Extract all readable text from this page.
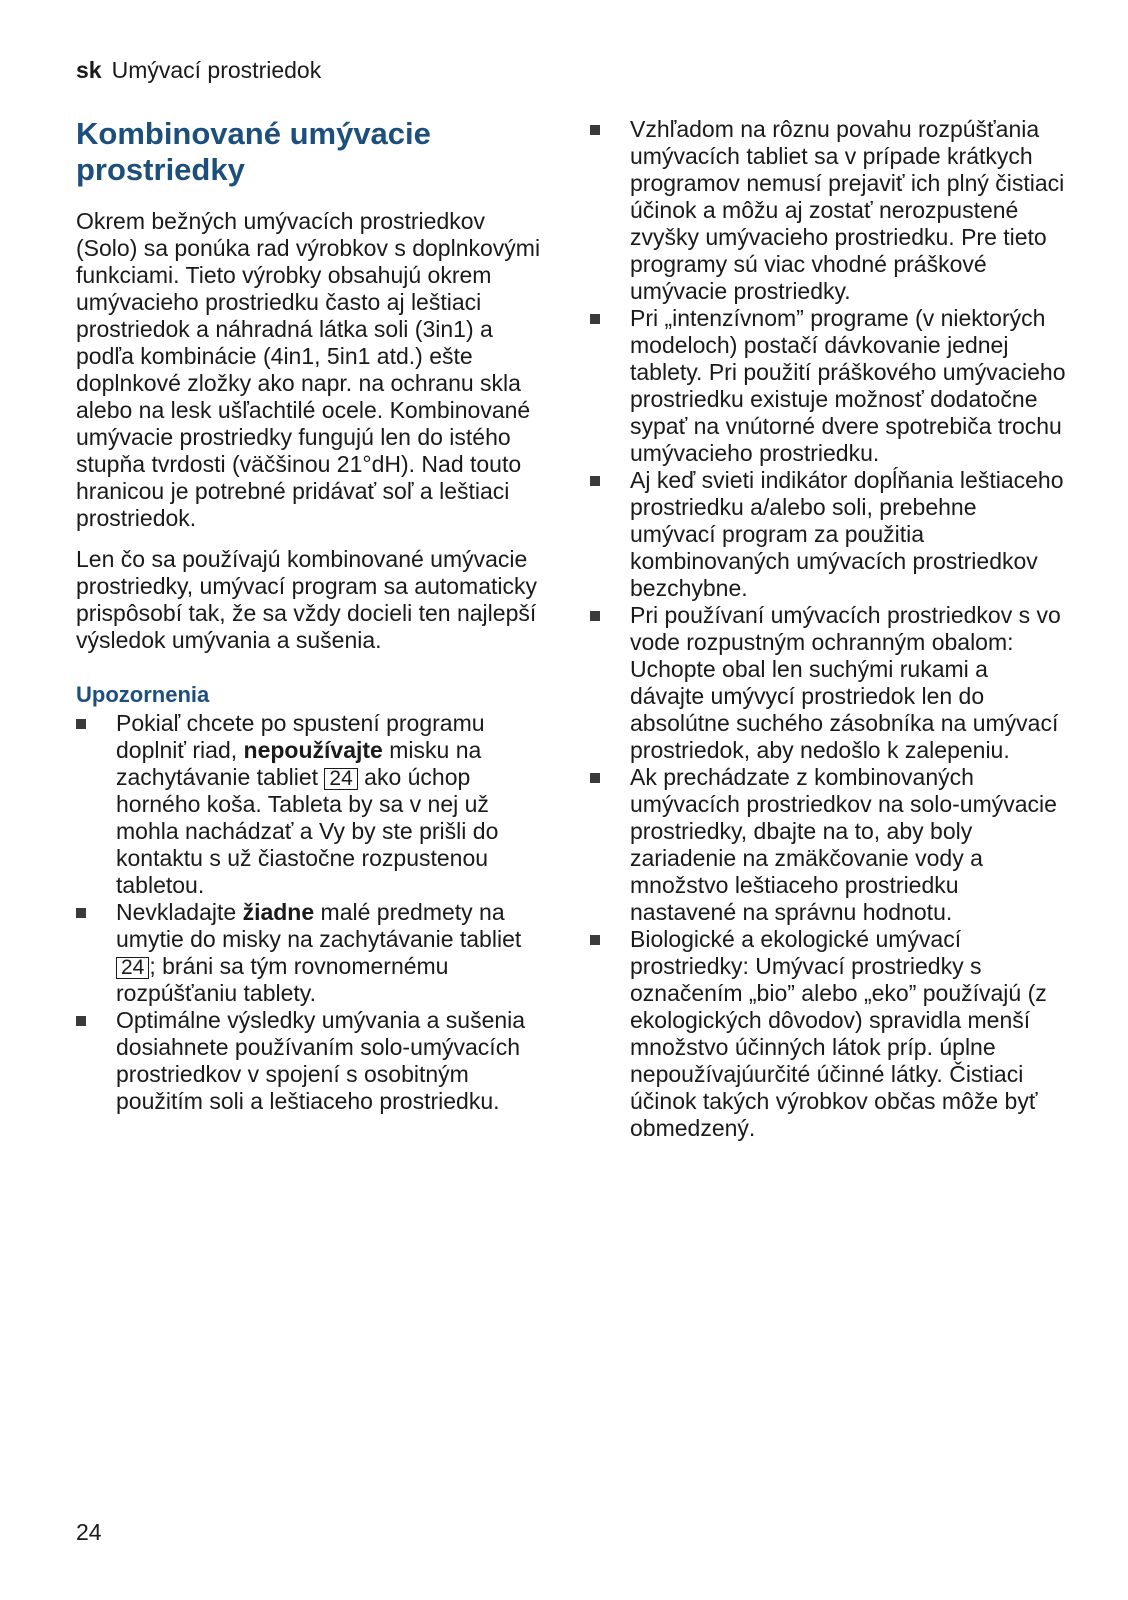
sk Umývací prostriedok
Kombinované umývacie prostriedky

Okrem bežných umývacích prostriedkov (Solo) sa ponúka rad výrobkov s doplnkovými funkciami. Tieto výrobky obsahujú okrem umývacieho prostriedku často aj leštiaci prostriedok a náhradná látka soli (3in1) a podľa kombinácie (4in1, 5in1 atd.) ešte doplnkové zložky ako napr. na ochranu skla alebo na lesk ušľachtilé ocele. Kombinované umývacie prostriedky fungujú len do istého stupňa tvrdosti (väčšinou 21°dH). Nad touto hranicou je potrebné pridávať soľ a leštiaci prostriedok.

Len čo sa používajú kombinované umývacie prostriedky, umývací program sa automaticky prispôsobí tak, že sa vždy docieli ten najlepší výsledok umývania a sušenia.

Upozornenia
Pokiaľ chcete po spustení programu doplniť riad, nepoužívajte misku na zachytávanie tabliet 24 ako úchop horného koša. Tableta by sa v nej už mohla nachádzať a Vy by ste prišli do kontaktu s už čiastočne rozpustenou tabletou.
Nevkladajte žiadne malé predmety na umytie do misky na zachytávanie tabliet 24 ; bráni sa tým rovnomernému rozpúšťaniu tablety.
Optimálne výsledky umývania a sušenia dosiahnete používaním solo-umývacích prostriedkov v spojení s osobitným použitím soli a leštiaceho prostriedku.
Vzhľadom na rôznu povahu rozpúšťania umývacích tabliet sa v prípade krátkych programov nemusí prejaviť ich plný čistiaci účinok a môžu aj zostať nerozpustené zvyšky umývacieho prostriedku. Pre tieto programy sú viac vhodné práškové umývacie prostriedky.
Pri „intenzívnom” programe (v niektorých modeloch) postačí dávkovanie jednej tablety. Pri použití práškového umývacieho prostriedku existuje možnosť dodatočne sypať na vnútorné dvere spotrebiča trochu umývacieho prostriedku.
Aj keď svieti indikátor dopĺňania leštiaceho prostriedku a/alebo soli, prebehne umývací program za použitia kombinovaných umývacích prostriedkov bezchybne.
Pri používaní umývacích prostriedkov s vo vode rozpustným ochranným obalom: Uchopte obal len suchými rukami a dávajte umývycí prostriedok len do absolútne suchého zásobníka na umývací prostriedok, aby nedošlo k zalepeniu.
Ak prechádzate z kombinovaných umývacích prostriedkov na solo-umývacie prostriedky, dbajte na to, aby boly zariadenie na zmäkčovanie vody a množstvo leštiaceho prostriedku nastavené na správnu hodnotu.
Biologické a ekologické umývací prostriedky: Umývací prostriedky s označením „bio” alebo „eko” používajú (z ekologických dôvodov) spravidla menší množstvo účinných látok príp. úplne nepoužívajúurčité účinné látky. Čistiaci účinok takých výrobkov občas môže byť obmedzený.
24
